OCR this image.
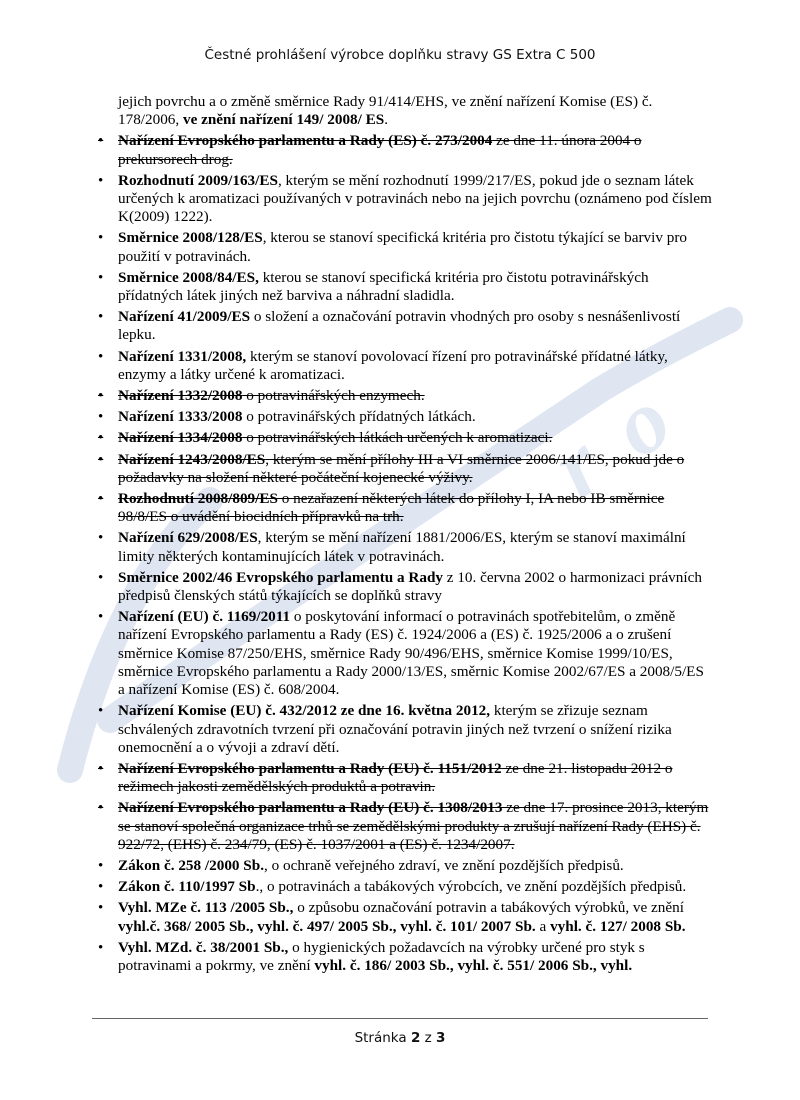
r
o
Čestné prohlášení výrobce doplňku stravy GS Extra C 500

jejich povrchu a o změně směrnice Rady 91/414/EHS, ve znění nařízení Komise (ES) č. 178/2006, ve znění nařízení 149/ 2008/ ES.

• Nařízení Evropského parlamentu a Rady (ES) č. 273/2004 ze dne 11. února 2004 o prekursorech drog.
• Rozhodnutí 2009/163/ES, kterým se mění rozhodnutí 1999/217/ES, pokud jde o seznam látek určených k aromatizaci používaných v potravinách nebo na jejich povrchu (oznámeno pod číslem K(2009) 1222).
• Směrnice 2008/128/ES, kterou se stanoví specifická kritéria pro čistotu týkající se barviv pro použití v potravinách.
• Směrnice 2008/84/ES, kterou se stanoví specifická kritéria pro čistotu potravinářských přídatných látek jiných než barviva a náhradní sladidla.
• Nařízení 41/2009/ES o složení a označování potravin vhodných pro osoby s nesnášenlivostí lepku.
• Nařízení 1331/2008, kterým se stanoví povolovací řízení pro potravinářské přídatné látky, enzymy a látky určené k aromatizaci.
• Nařízení 1332/2008 o potravinářských enzymech.
• Nařízení 1333/2008 o potravinářských přídatných látkách.
• Nařízení 1334/2008 o potravinářských látkách určených k aromatizaci.
• Nařízení 1243/2008/ES, kterým se mění přílohy III a VI směrnice 2006/141/ES, pokud jde o požadavky na složení některé počáteční kojenecké výživy.
• Rozhodnutí 2008/809/ES o nezařazení některých látek do přílohy I, IA nebo IB směrnice 98/8/ES o uvádění biocidních přípravků na trh.
• Nařízení 629/2008/ES, kterým se mění nařízení 1881/2006/ES, kterým se stanoví maximální limity některých kontaminujících látek v potravinách.
• Směrnice 2002/46 Evropského parlamentu a Rady z 10. června 2002 o harmonizaci právních předpisů členských států týkajících se doplňků stravy
• Nařízení (EU) č. 1169/2011 o poskytování informací o potravinách spotřebitelům, o změně nařízení Evropského parlamentu a Rady (ES) č. 1924/2006 a (ES) č. 1925/2006 a o zrušení směrnice Komise 87/250/EHS, směrnice Rady 90/496/EHS, směrnice Komise 1999/10/ES, směrnice Evropského parlamentu a Rady 2000/13/ES, směrnic Komise 2002/67/ES a 2008/5/ES a nařízení Komise (ES) č. 608/2004.
• Nařízení Komise (EU) č. 432/2012 ze dne 16. května 2012, kterým se zřizuje seznam schválených zdravotních tvrzení při označování potravin jiných než tvrzení o snížení rizika onemocnění a o vývoji a zdraví dětí.
• Nařízení Evropského parlamentu a Rady (EU) č. 1151/2012 ze dne 21. listopadu 2012 o režimech jakosti zemědělských produktů a potravin.
• Nařízení Evropského parlamentu a Rady (EU) č. 1308/2013 ze dne 17. prosince 2013, kterým se stanoví společná organizace trhů se zemědělskými produkty a zrušují nařízení Rady (EHS) č. 922/72, (EHS) č. 234/79, (ES) č. 1037/2001 a (ES) č. 1234/2007.
• Zákon č. 258 /2000 Sb., o ochraně veřejného zdraví, ve znění pozdějších předpisů.
• Zákon č. 110/1997 Sb., o potravinách a tabákových výrobcích, ve znění pozdějších předpisů.
• Vyhl. MZe č. 113 /2005 Sb., o způsobu označování potravin a tabákových výrobků, ve znění vyhl.č. 368/ 2005 Sb., vyhl. č. 497/ 2005 Sb., vyhl. č. 101/ 2007 Sb. a vyhl. č. 127/ 2008 Sb.
• Vyhl. MZd. č. 38/2001 Sb., o hygienických požadavcích na výrobky určené pro styk s potravinami a pokrmy, ve znění vyhl. č. 186/ 2003 Sb., vyhl. č. 551/ 2006 Sb., vyhl.
Stránka 2 z 3
